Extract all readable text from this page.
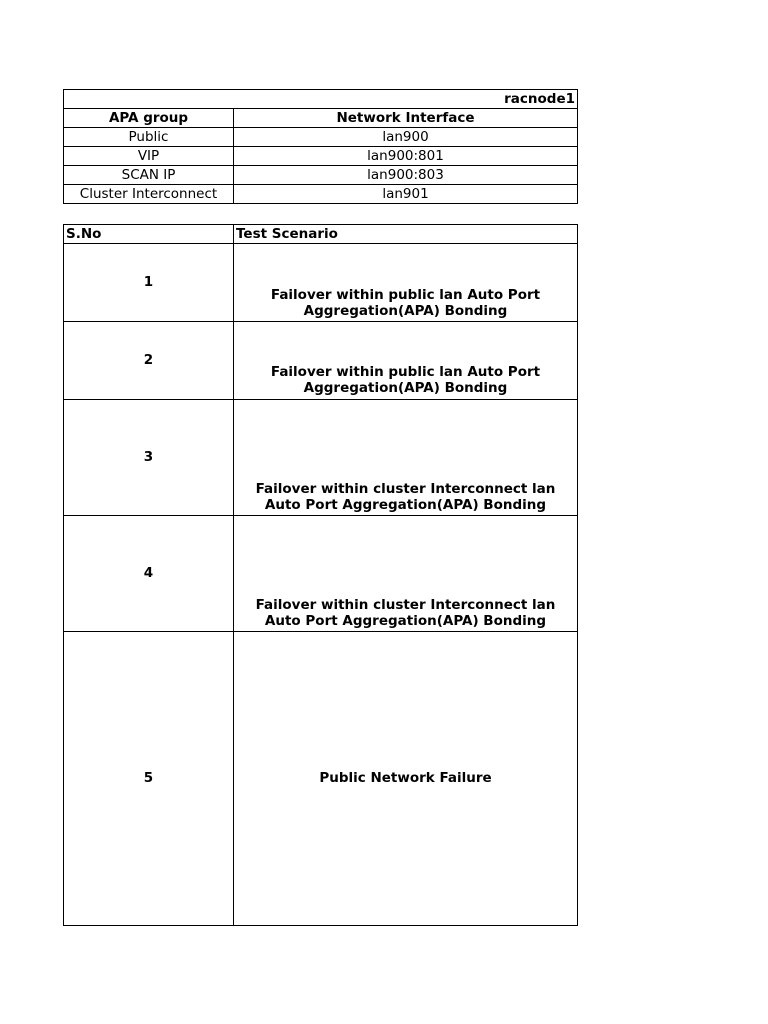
racnode1	
APA group	Network Interface
Public	lan900
VIP	lan900:801
SCAN IP	lan900:803
Cluster Interconnect	lan901
S.No	Test Scenario

1	Failover within public lan Auto Port Aggregation(APA) Bonding

2	Failover within public lan Auto Port Aggregation(APA) Bonding

3	Failover within cluster Interconnect lan Auto Port Aggregation(APA) Bonding

4	Failover within cluster Interconnect lan Auto Port Aggregation(APA) Bonding

5	Public Network Failure
